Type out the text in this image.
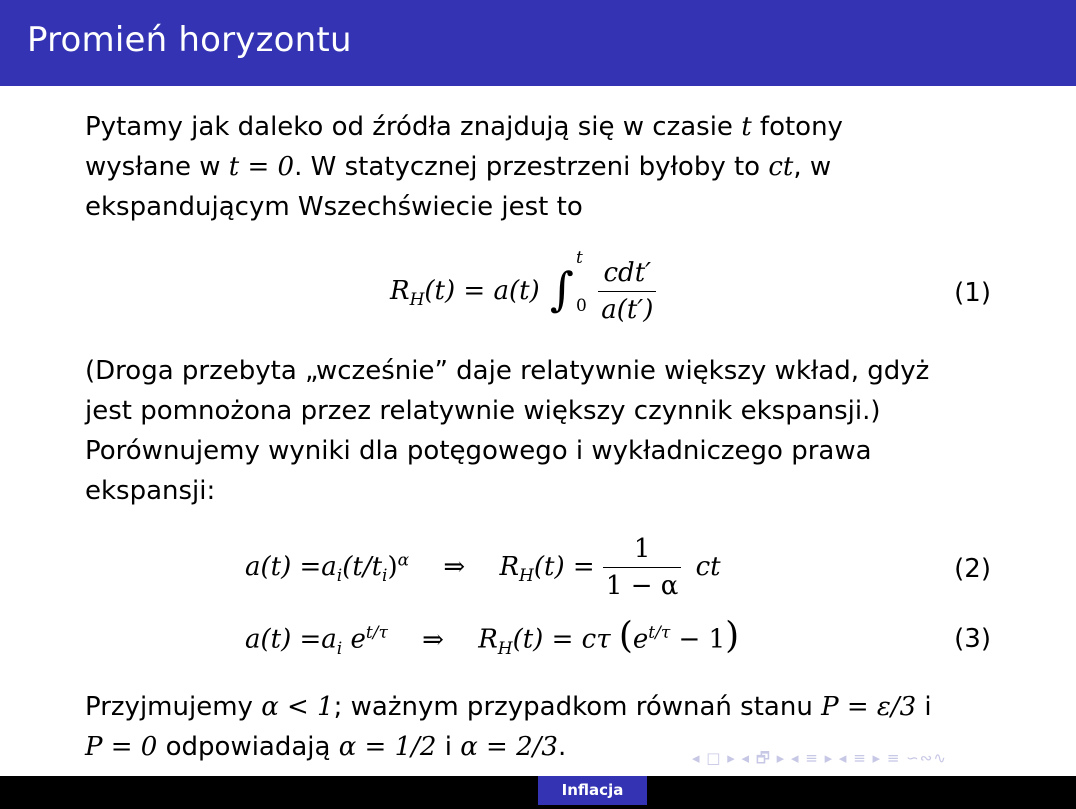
Promień horyzontu

Pytamy jak daleko od źródła znajdują się w czasie t fotony
wysłane w t = 0. W statycznej przestrzeni byłoby to ct, w
ekspandującym Wszechświecie jest to

$R_H(t) = a(t)$ ∫
t
0
$\frac{\text{cdt′}}{a(t')}$	(1)

(Droga przebyta „wcześnie” daje relatywnie większy wkład, gdyż
jest pomnożona przez relatywnie większy czynnik ekspansji.)
Porównujemy wyniki dla potęgowego i wykładniczego prawa
ekspansji:

$a(t) =a_i(t/t_i)^\alpha$ ⇒ $R_H(t) = \frac{1}{1 - \alpha}$ ct	(2)
$a(t) =a_i$ $e^{t/\tau}$ ⇒ $R_H(t) = c\tau$ $(e^{t/\tau} - 1)$	(3)

Przyjmujemy α < 1; ważnym przypadkom równań stanu P = ε/3 i
P = 0 odpowiadają α = 1/2 i α = 2/3.	◂ □ ▸ ◂ 🗗 ▸ ◂ ≡ ▸ ◂ ≡ ▸ ≡ ∽∾∿
Inflacja
